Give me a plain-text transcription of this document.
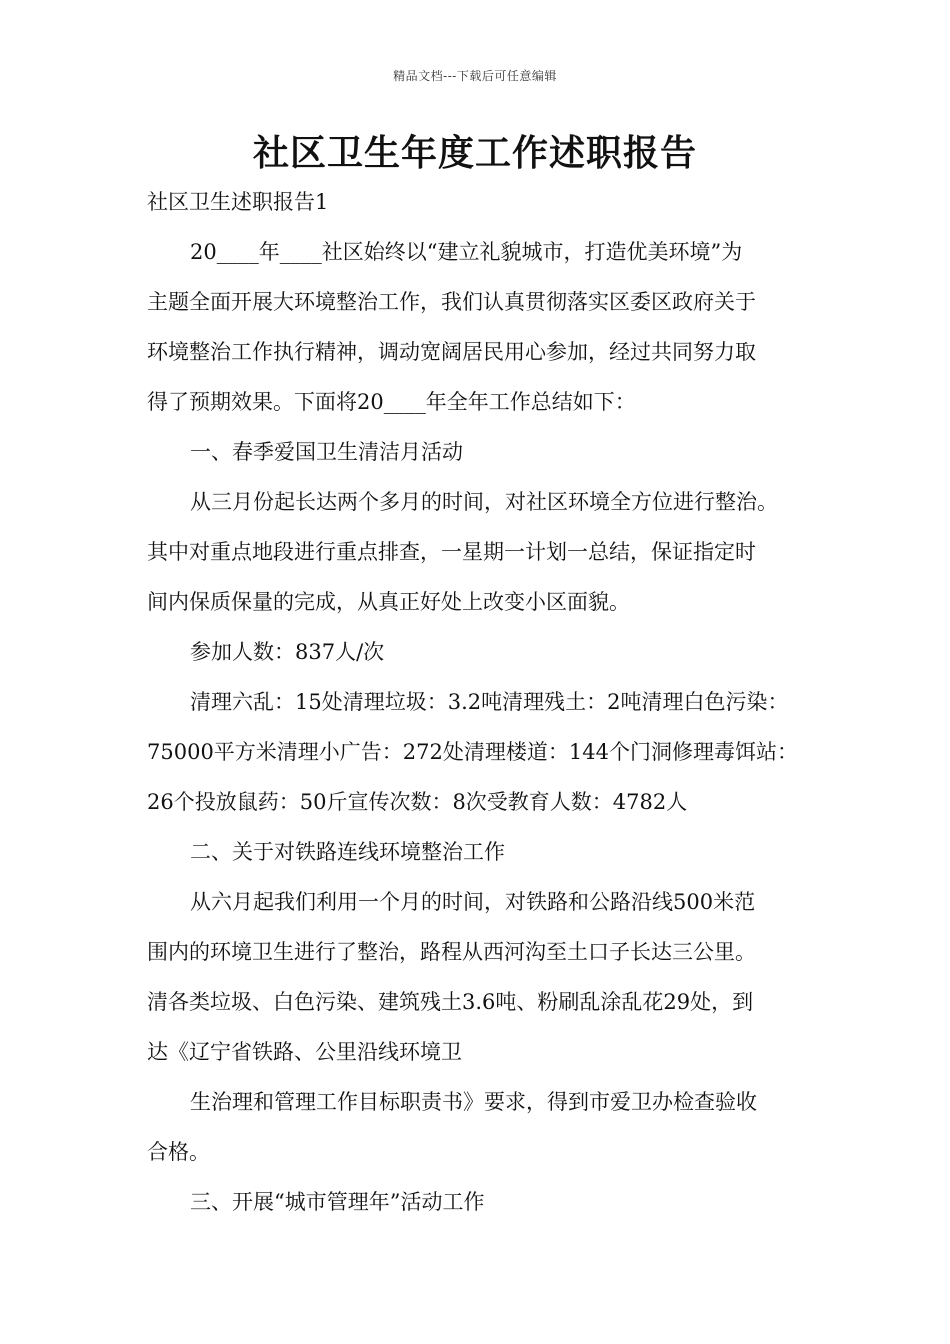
精品文档---下载后可任意编辑
社区卫生年度工作述职报告
社区卫生述职报告1
20____年____社区始终以“建立礼貌城市，打造优美环境”为
主题全面开展大环境整治工作，我们认真贯彻落实区委区政府关于
环境整治工作执行精神，调动宽阔居民用心参加，经过共同努力取
得了预期效果。下面将20____年全年工作总结如下：
一、春季爱国卫生清洁月活动
从三月份起长达两个多月的时间，对社区环境全方位进行整治。
其中对重点地段进行重点排查，一星期一计划一总结，保证指定时
间内保质保量的完成，从真正好处上改变小区面貌。
参加人数：837人/次
清理六乱：15处清理垃圾：3.2吨清理残土：2吨清理白色污染：
75000平方米清理小广告：272处清理楼道：144个门洞修理毒饵站：
26个投放鼠药：50斤宣传次数：8次受教育人数：4782人
二、关于对铁路连线环境整治工作
从六月起我们利用一个月的时间，对铁路和公路沿线500米范
围内的环境卫生进行了整治，路程从西河沟至土口子长达三公里。
清各类垃圾、白色污染、建筑残土3.6吨、粉刷乱涂乱花29处，到
达《辽宁省铁路、公里沿线环境卫
生治理和管理工作目标职责书》要求，得到市爱卫办检查验收
合格。
三、开展“城市管理年”活动工作
